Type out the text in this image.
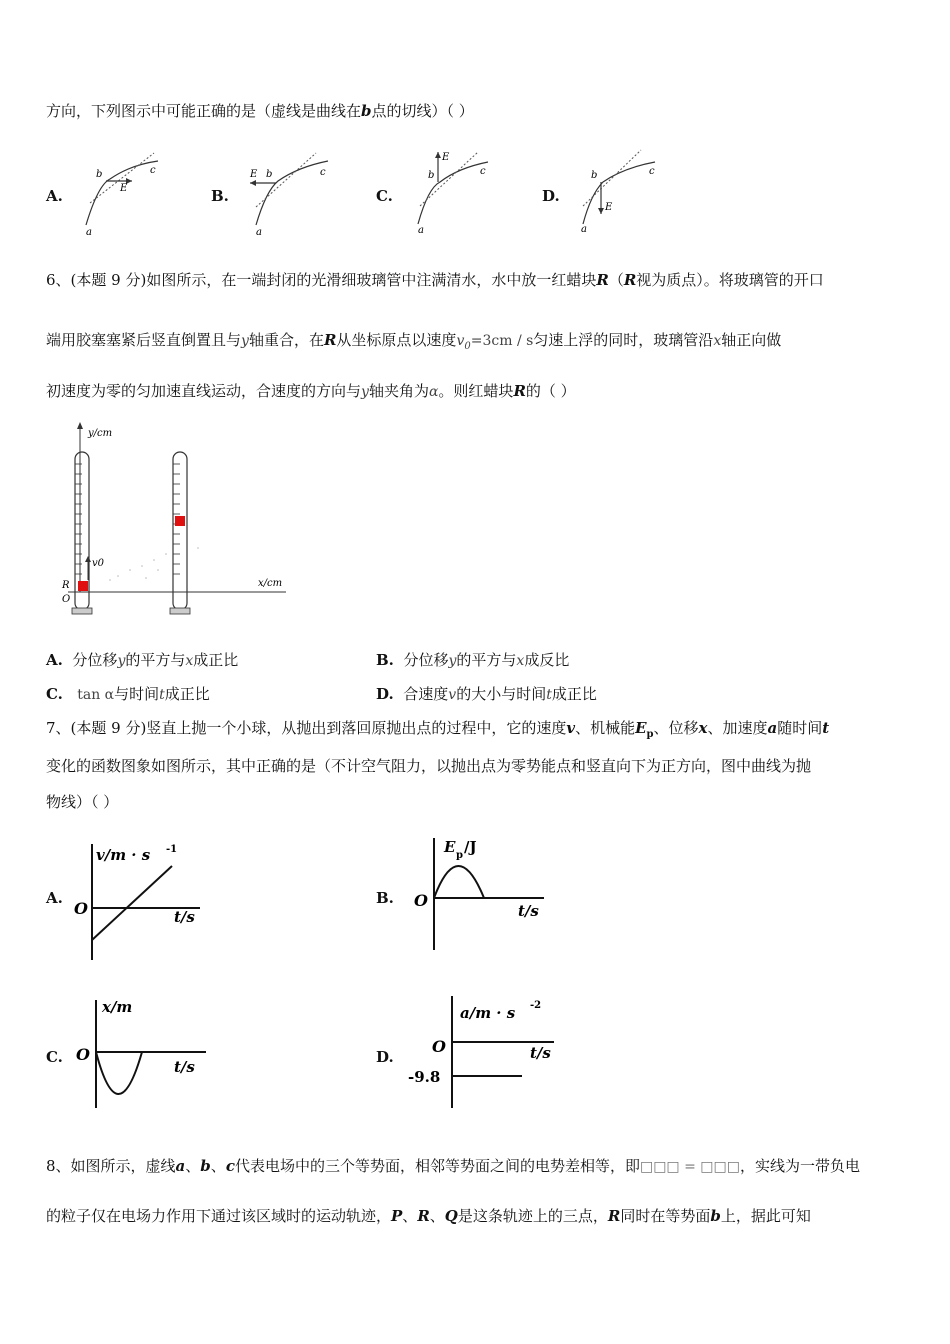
方向，下列图示中可能正确的是（虚线是曲线在b点的切线）（ ）
A.
b
E
c
a
B.
E b	c
a
C.
E
b	c
a
D.
E
b	c
a
6、(本题 9 分)如图所示，在一端封闭的光滑细玻璃管中注满清水，水中放一红蜡块R（R视为质点）。将玻璃管的开口
端用胶塞塞紧后竖直倒置且与y轴重合，在R从坐标原点以速度$v_0=3cm / s$匀速上浮的同时，玻璃管沿x轴正向做
初速度为零的匀加速直线运动，合速度的方向与y轴夹角为α。则红蜡块R的（ ）
y/cm
x/cm
v0
R
O
A. 分位移y的平方与x成正比	B. 分位移y的平方与x成反比
C. tan α与时间t成正比	D. 合速度v的大小与时间t成正比
7、(本题 9 分)竖直上抛一个小球，从抛出到落回原抛出点的过程中，它的速度v、机械能$E_p$、位移x、加速度a随时间t
变化的函数图象如图所示，其中正确的是（不计空气阻力，以抛出点为零势能点和竖直向下为正方向，图中曲线为抛
物线）（ ）
A.
v/m · s -1
O	t/s
B.
E p /J
O
t/s
C.
x/m
O
t/s
D.
a/m · s -2
O	t/s
-9.8
8、如图所示，虚线a、b、c代表电场中的三个等势面，相邻等势面之间的电势差相等，即□□□ = □□□，实线为一带负电
的粒子仅在电场力作用下通过该区域时的运动轨迹，P、R、Q是这条轨迹上的三点，R同时在等势面b上，据此可知
